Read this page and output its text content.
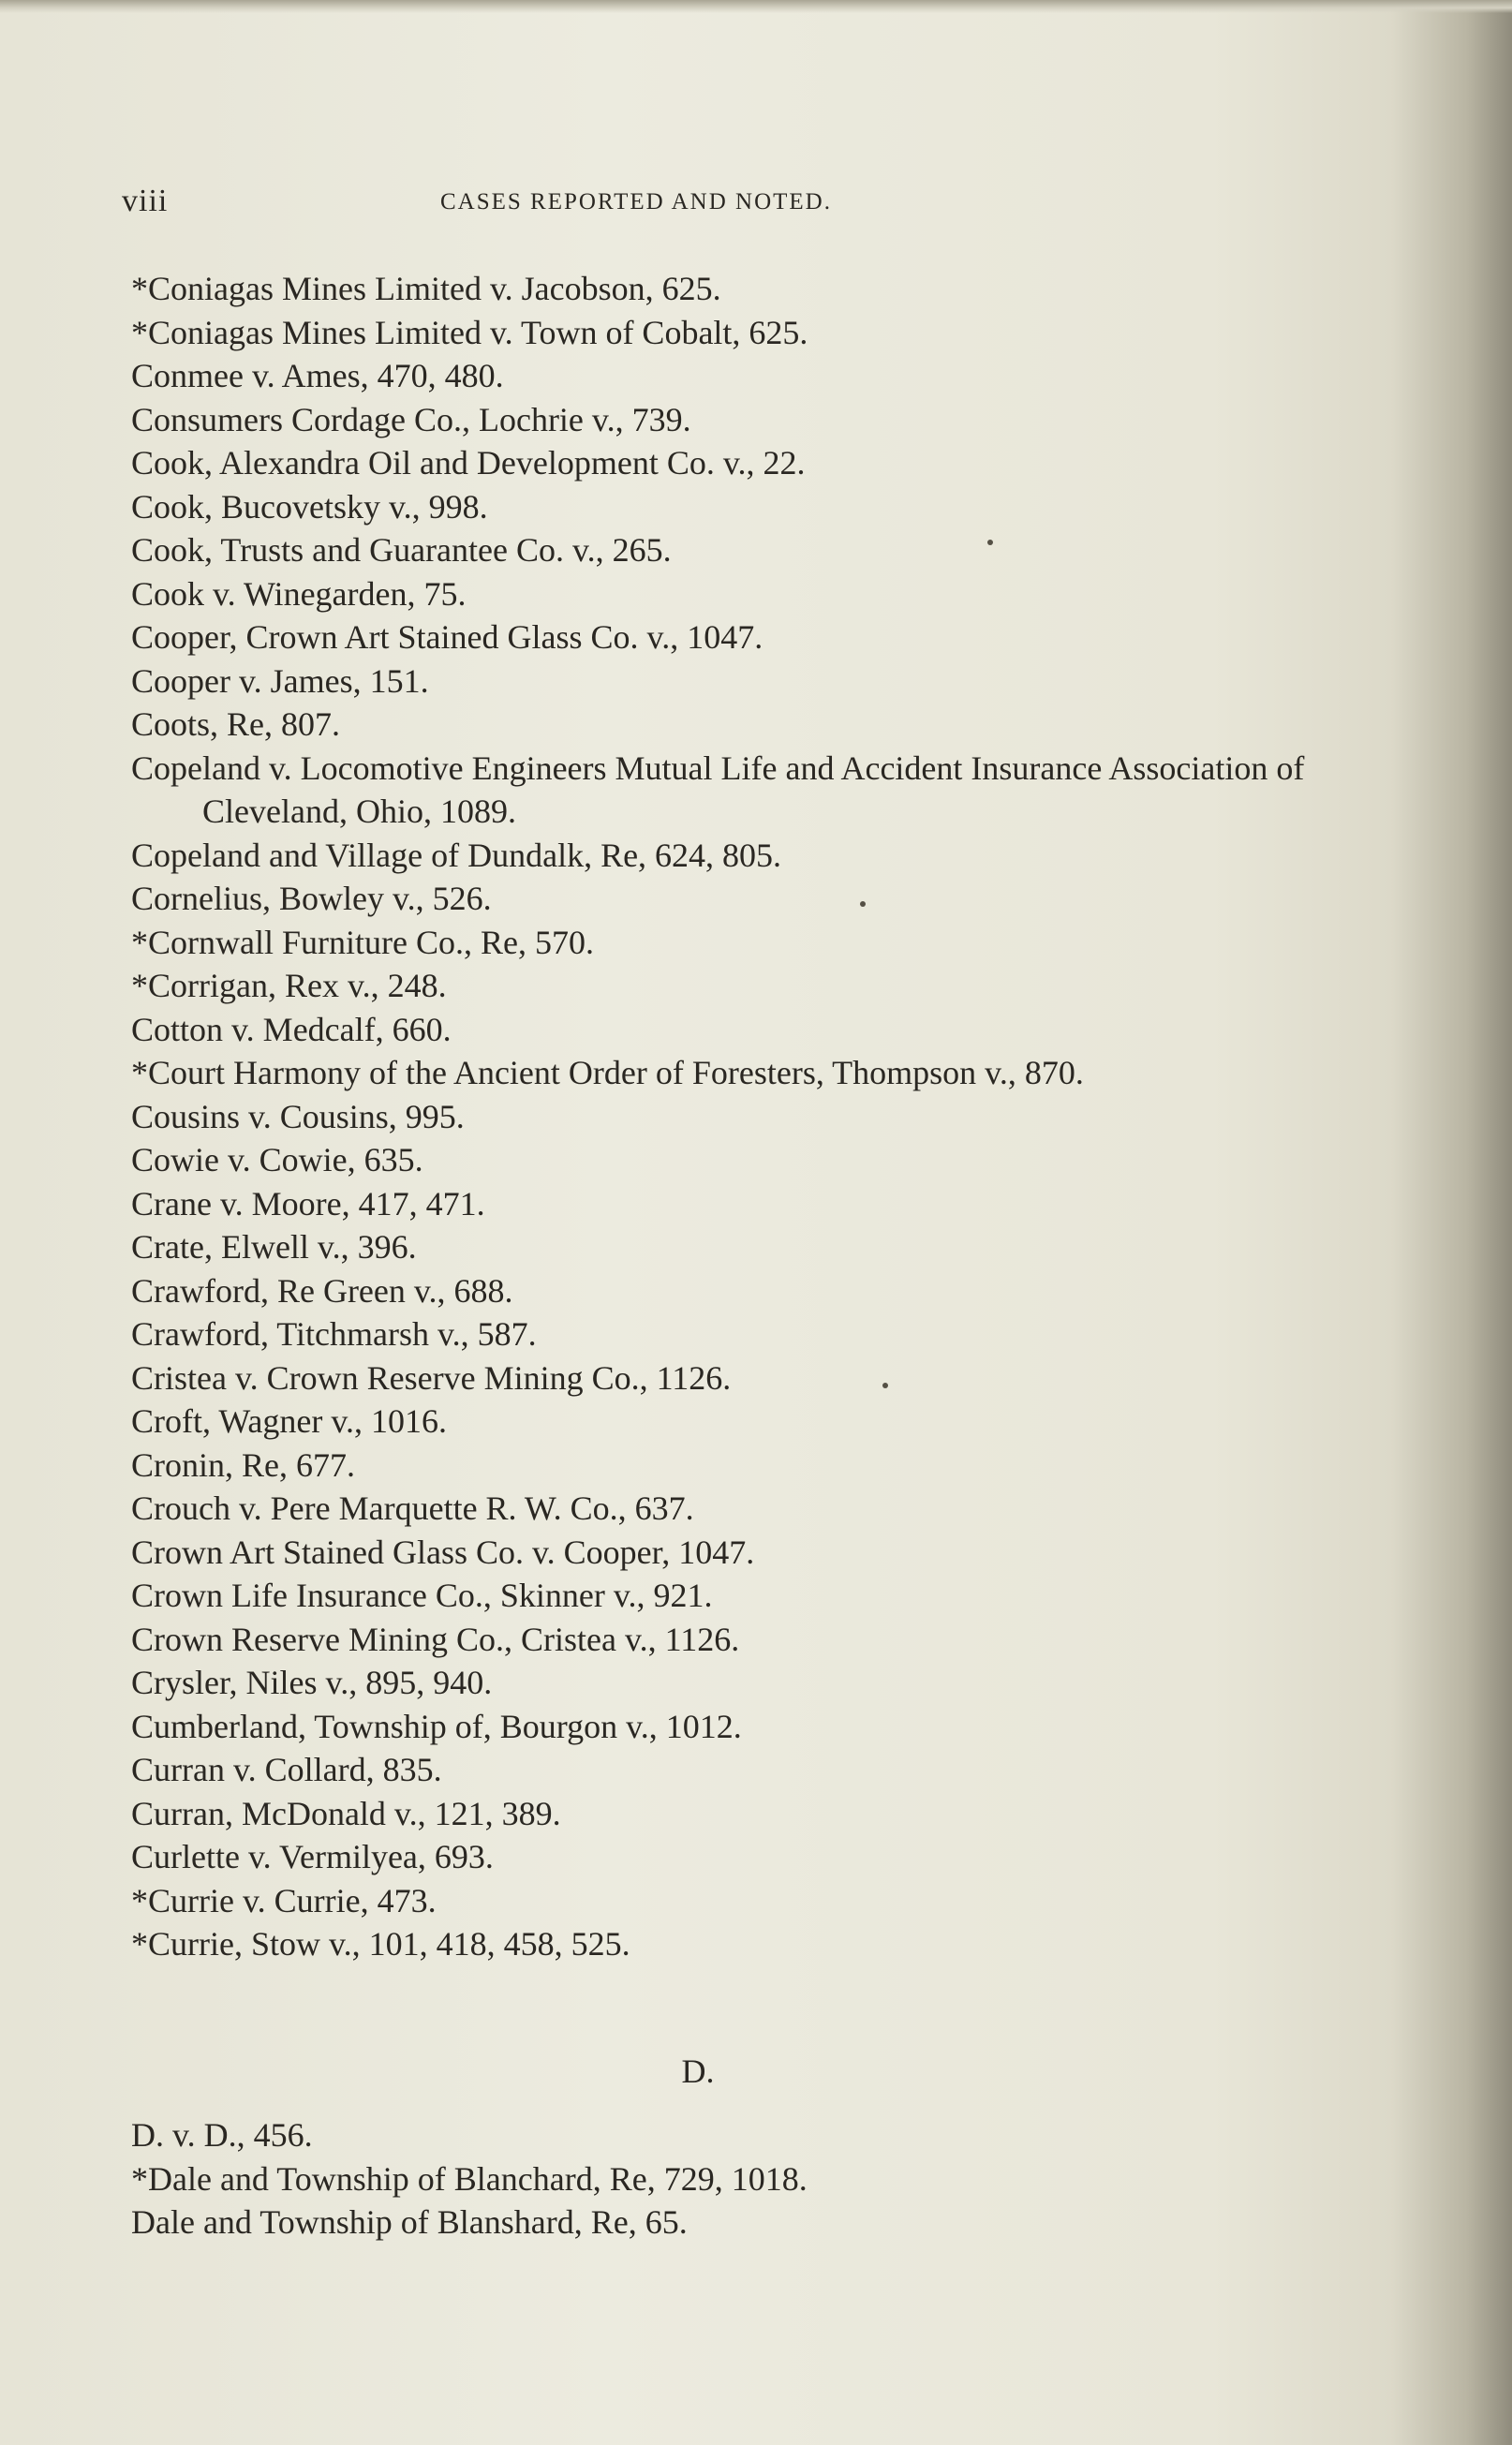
viii	CASES REPORTED AND NOTED.
*Coniagas Mines Limited v. Jacobson, 625.
*Coniagas Mines Limited v. Town of Cobalt, 625.
Conmee v. Ames, 470, 480.
Consumers Cordage Co., Lochrie v., 739.
Cook, Alexandra Oil and Development Co. v., 22.
Cook, Bucovetsky v., 998.
Cook, Trusts and Guarantee Co. v., 265.
Cook v. Winegarden, 75.
Cooper, Crown Art Stained Glass Co. v., 1047.
Cooper v. James, 151.
Coots, Re, 807.
Copeland v. Locomotive Engineers Mutual Life and Accident Insurance Association of Cleveland, Ohio, 1089.
Copeland and Village of Dundalk, Re, 624, 805.
Cornelius, Bowley v., 526.
*Cornwall Furniture Co., Re, 570.
*Corrigan, Rex v., 248.
Cotton v. Medcalf, 660.
*Court Harmony of the Ancient Order of Foresters, Thompson v., 870.
Cousins v. Cousins, 995.
Cowie v. Cowie, 635.
Crane v. Moore, 417, 471.
Crate, Elwell v., 396.
Crawford, Re Green v., 688.
Crawford, Titchmarsh v., 587.
Cristea v. Crown Reserve Mining Co., 1126.
Croft, Wagner v., 1016.
Cronin, Re, 677.
Crouch v. Pere Marquette R. W. Co., 637.
Crown Art Stained Glass Co. v. Cooper, 1047.
Crown Life Insurance Co., Skinner v., 921.
Crown Reserve Mining Co., Cristea v., 1126.
Crysler, Niles v., 895, 940.
Cumberland, Township of, Bourgon v., 1012.
Curran v. Collard, 835.
Curran, McDonald v., 121, 389.
Curlette v. Vermilyea, 693.
*Currie v. Currie, 473.
*Currie, Stow v., 101, 418, 458, 525.
D.
D. v. D., 456.
*Dale and Township of Blanchard, Re, 729, 1018.
Dale and Township of Blanshard, Re, 65.
